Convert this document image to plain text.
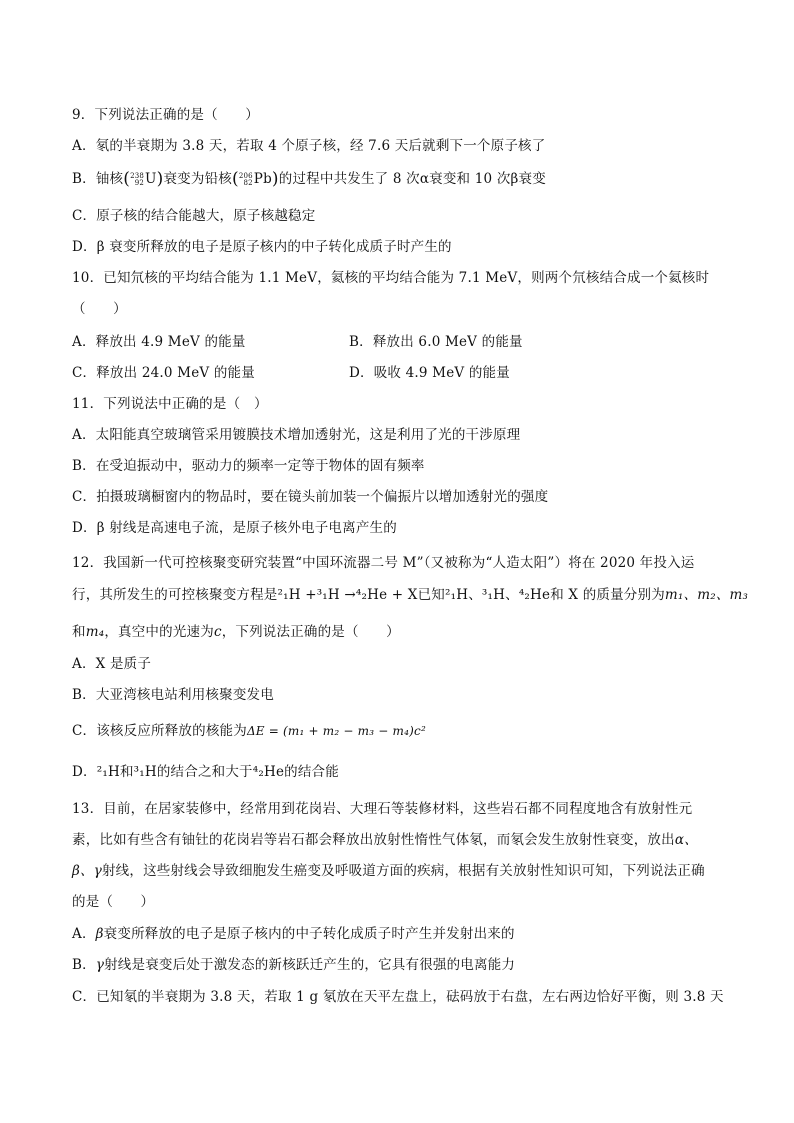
9．下列说法正确的是（　　）
A．氡的半衰期为 3.8 天，若取 4 个原子核，经 7.6 天后就剩下一个原子核了
B．铀核( 238
92 U)衰变为铅核( 206
82 Pb)的过程中共发生了 8 次α衰变和 10 次β衰变
C．原子核的结合能越大，原子核越稳定
D．β 衰变所释放的电子是原子核内的中子转化成质子时产生的
10．已知氘核的平均结合能为 1.1 MeV，氦核的平均结合能为 7.1 MeV，则两个氘核结合成一个氦核时
（　　）
A．释放出 4.9 MeV 的能量	B．释放出 6.0 MeV 的能量
C．释放出 24.0 MeV 的能量	D．吸收 4.9 MeV 的能量
11．下列说法中正确的是（　）
A．太阳能真空玻璃管采用镀膜技术增加透射光，这是利用了光的干涉原理
B．在受迫振动中，驱动力的频率一定等于物体的固有频率
C．拍摄玻璃橱窗内的物品时，要在镜头前加装一个偏振片以增加透射光的强度
D．β 射线是高速电子流，是原子核外电子电离产生的
12．我国新一代可控核聚变研究装置“中国环流器二号 M”（又被称为“人造太阳”）将在 2020 年投入运
行，其所发生的可控核聚变方程是²₁H +³₁H →⁴₂He + X已知²₁H、³₁H、⁴₂He和 X 的质量分别为m₁、m₂、m₃
和m₄，真空中的光速为c，下列说法正确的是（　　）
A．X 是质子
B．大亚湾核电站利用核聚变发电
C．该核反应所释放的核能为ΔE = (m₁ + m₂ − m₃ − m₄)c²
D．²₁H和³₁H的结合之和大于⁴₂He的结合能
13．目前，在居家装修中，经常用到花岗岩、大理石等装修材料，这些岩石都不同程度地含有放射性元
素，比如有些含有铀钍的花岗岩等岩石都会释放出放射性惰性气体氡，而氡会发生放射性衰变，放出α、
β、γ射线，这些射线会导致细胞发生癌变及呼吸道方面的疾病，根据有关放射性知识可知，下列说法正确
的是（　　）
A．β衰变所释放的电子是原子核内的中子转化成质子时产生并发射出来的
B．γ射线是衰变后处于激发态的新核跃迁产生的，它具有很强的电离能力
C．已知氡的半衰期为 3.8 天，若取 1 g 氡放在天平左盘上，砝码放于右盘，左右两边恰好平衡，则 3.8 天
